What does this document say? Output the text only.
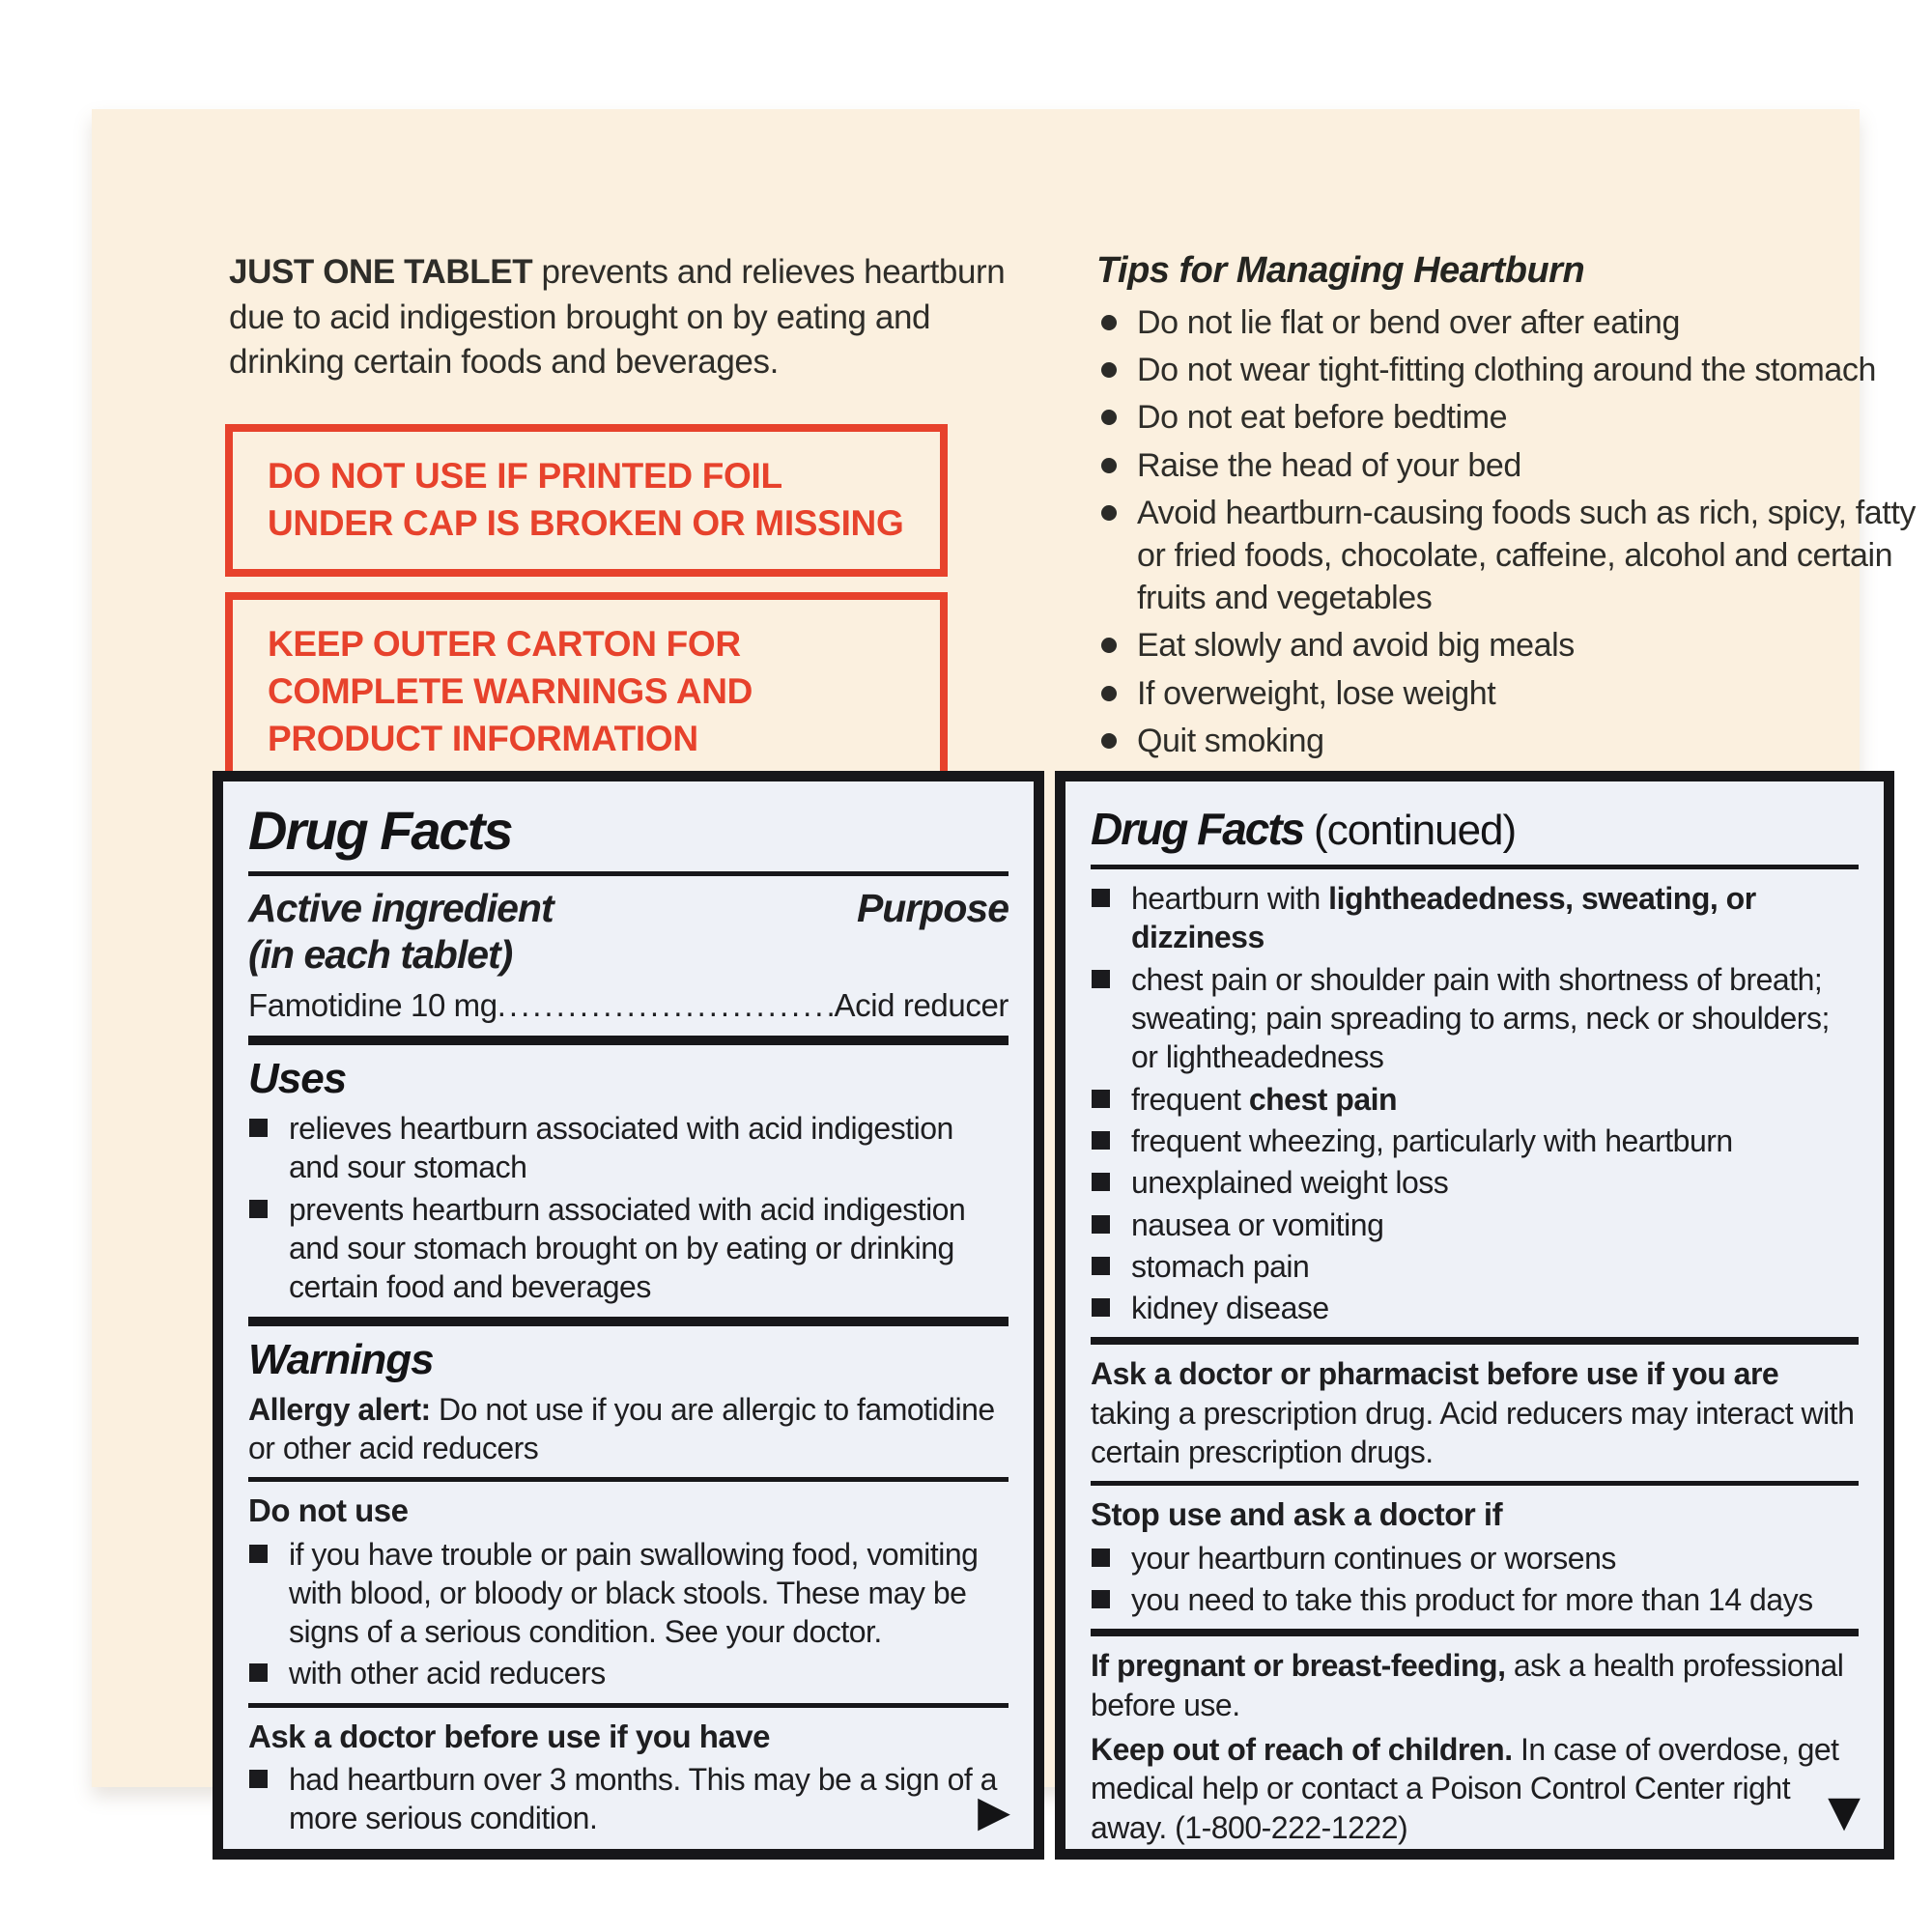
JUST ONE TABLET prevents and relieves heartburn due to acid indigestion brought on by eating and drinking certain foods and beverages.

DO NOT USE IF PRINTED FOIL UNDER CAP IS BROKEN OR MISSING
KEEP OUTER CARTON FOR COMPLETE WARNINGS AND PRODUCT INFORMATION
Tips for Managing Heartburn
Do not lie flat or bend over after eating
Do not wear tight-fitting clothing around the stomach
Do not eat before bedtime
Raise the head of your bed
Avoid heartburn-causing foods such as rich, spicy, fatty or fried foods, chocolate, caffeine, alcohol and certain fruits and vegetables
Eat slowly and avoid big meals
If overweight, lose weight
Quit smoking
Drug Facts
Active ingredient
(in each tablet)
Purpose
Famotidine 10 mg .....	Acid reducer
Uses
relieves heartburn associated with acid indigestion and sour stomach
prevents heartburn associated with acid indigestion and sour stomach brought on by eating or drinking certain food and beverages
Warnings

Allergy alert: Do not use if you are allergic to famotidine or other acid reducers

Do not use

if you have trouble or pain swallowing food, vomiting with blood, or bloody or black stools. These may be signs of a serious condition. See your doctor.
with other acid reducers

Ask a doctor before use if you have

had heartburn over 3 months. This may be a sign of a more serious condition.	▶
Drug Facts (continued)
heartburn with lightheadedness, sweating, or dizziness
chest pain or shoulder pain with shortness of breath; sweating; pain spreading to arms, neck or shoulders; or lightheadedness
frequent chest pain
frequent wheezing, particularly with heartburn
unexplained weight loss
nausea or vomiting
stomach pain
kidney disease

Ask a doctor or pharmacist before use if you are taking a prescription drug. Acid reducers may interact with certain prescription drugs.

Stop use and ask a doctor if

your heartburn continues or worsens
you need to take this product for more than 14 days

If pregnant or breast-feeding, ask a health professional before use.

Keep out of reach of children. In case of overdose, get medical help or contact a Poison Control Center right away. (1-800-222-1222)	▼
